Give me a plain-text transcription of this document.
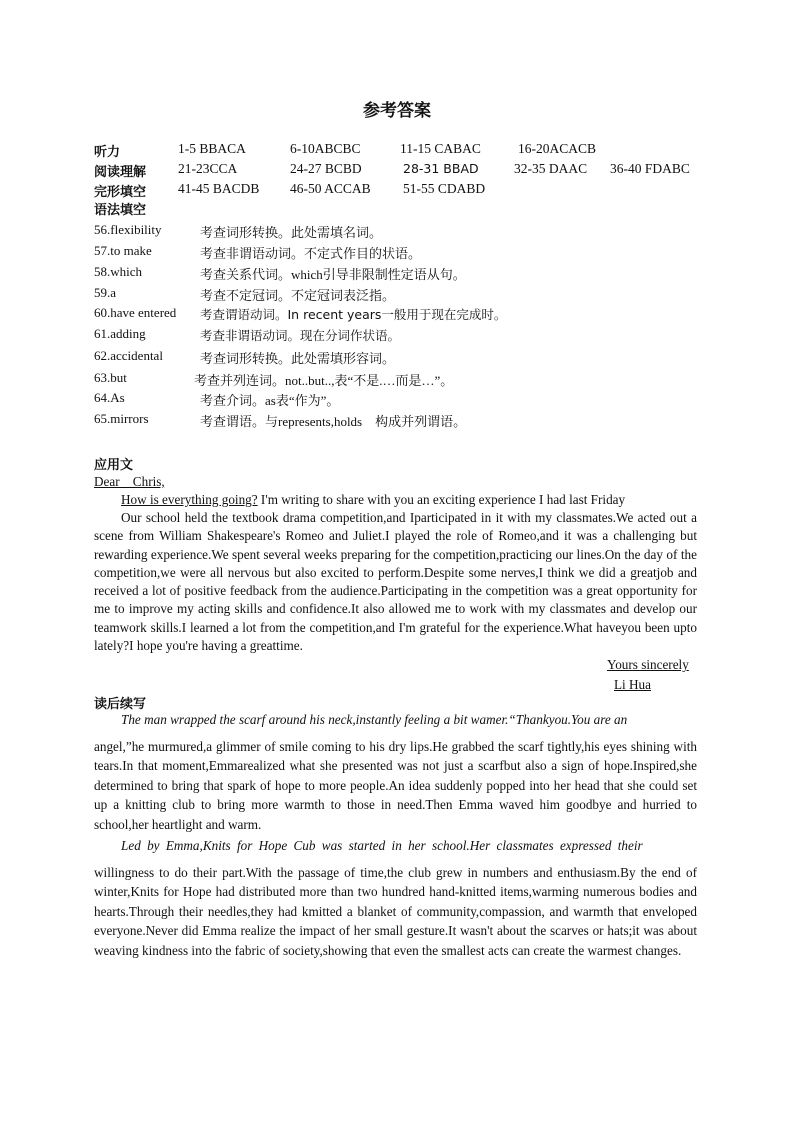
参考答案
听力	1-5 BBACA	6-10ABCBC	11-15 CABAC	16-20ACACB
阅读理解 21-23CCA	24-27 BCBD	28-31 BBAD	32-35 DAAC 36-40 FDABC
完形填空 41-45 BACDB 46-50 ACCAB 51-55 CDABD
语法填空
56.flexibility	考查词形转换。此处需填名词。
57.to make	考查非谓语动词。不定式作目的状语。
58.which	考查关系代词。which引导非限制性定语从句。
59.a	考查不定冠词。不定冠词表泛指。
60.have entered 考查谓语动词。In recent years一般用于现在完成时。
61.adding	考查非谓语动词。现在分词作状语。
62.accidental	考查词形转换。此处需填形容词。
63.but	考查并列连词。not..but..,表“不是.…而是…”。
64.As	考查介词。as表“作为”。
65.mirrors	考查谓语。与represents,holds　构成并列谓语。
应用文
Dear　Chris,
How is everything going? I'm writing to share with you an exciting experience I had last Friday
Our school held the textbook drama competition,and Iparticipated in it with my classmates.We acted out a scene from William Shakespeare's Romeo and Juliet.I played the role of Romeo,and it was a challenging but rewarding experience.We spent several weeks preparing for the competition,practicing our lines.On the day of the competition,we were all nervous but also excited to perform.Despite some nerves,I think we did a greatjob and received a lot of positive feedback from the audience.Participating in the competition was a great opportunity for me to improve my acting skills and confidence.It also allowed me to work with my classmates and develop our teamwork skills.I learned a lot from the competition,and I'm grateful for the experience.What haveyou been upto lately?I hope you're having a greattime.
Yours sincerely
Li Hua
读后续写
The man wrapped the scarf around his neck,instantly feeling a bit wamer.“Thankyou.You are an
angel,”he murmured,a glimmer of smile coming to his dry lips.He grabbed the scarf tightly,his eyes shining with tears.In that moment,Emmarealized what she presented was not just a scarfbut also a sign of hope.Inspired,she determined to bring that spark of hope to more people.An idea suddenly popped into her head that she could set up a knitting club to bring more warmth to those in need.Then Emma waved him goodbye and hurried to school,her heartlight and warm.
Led by Emma,Knits for Hope Cub was started in her school.Her classmates expressed their
willingness to do their part.With the passage of time,the club grew in numbers and enthusiasm.By the end of winter,Knits for Hope had distributed more than two hundred hand-knitted items,warming numerous bodies and hearts.Through their needles,they had kmitted a blanket of community,compassion, and warmth that enveloped everyone.Never did Emma realize the impact of her small gesture.It wasn't about the scarves or hats;it was about weaving kindness into the fabric of society,showing that even the smallest acts can create the warmest changes.
